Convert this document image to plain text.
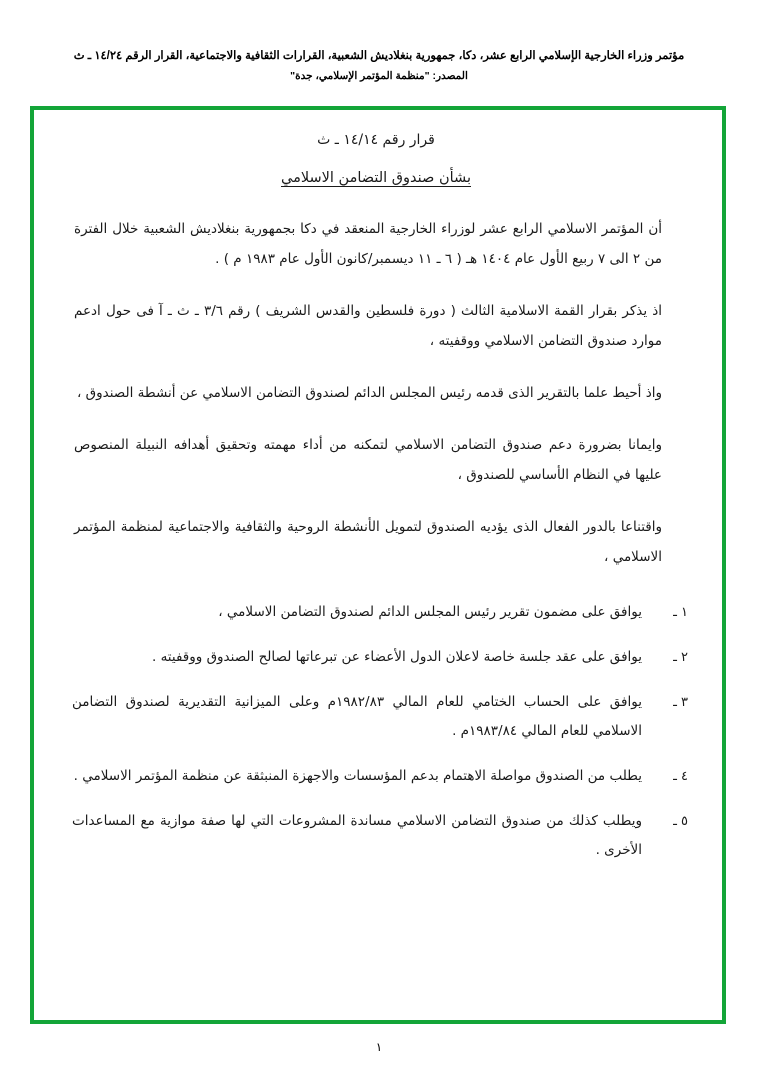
مؤتمر وزراء الخارجية الإسلامي الرابع عشر، دكا، جمهورية بنغلاديش الشعبية، القرارات الثقافية والاجتماعية، القرار الرقم ١٤/٢٤ ـ ث
المصدر: "منظمة المؤتمر الإسلامي، جدة"
قرار رقم ١٤/١٤ ـ ث
بشأن صندوق التضامن الاسلامي
أن المؤتمر الاسلامي الرابع عشر لوزراء الخارجية المنعقد في دكا بجمهورية بنغلاديش الشعبية خلال الفترة من ٢ الى ٧ ربيع الأول عام ١٤٠٤ هـ ( ٦ ـ ١١ ديسمبر/كانون الأول عام ١٩٨٣ م ) .
اذ يذكر بقرار القمة الاسلامية الثالث ( دورة فلسطين والقدس الشريف ) رقم ٣/٦ ـ ث ـ آ فى حول ادعم موارد صندوق التضامن الاسلامي ووقفيته ،
واذ أحيط علما بالتقرير الذى قدمه رئيس المجلس الدائم لصندوق التضامن الاسلامي عن أنشطة الصندوق ،
وايمانا بضرورة دعم صندوق التضامن الاسلامي لتمكنه من أداء مهمته وتحقيق أهدافه النبيلة المنصوص عليها في النظام الأساسي للصندوق ،
واقتناعا بالدور الفعال الذى يؤديه الصندوق لتمويل الأنشطة الروحية والثقافية والاجتماعية لمنظمة المؤتمر الاسلامي ،
١ ـ
يوافق على مضمون تقرير رئيس المجلس الدائم لصندوق التضامن الاسلامي ،
٢ ـ
يوافق على عقد جلسة خاصة لاعلان الدول الأعضاء عن تبرعاتها لصالح الصندوق ووقفيته .
٣ ـ
يوافق على الحساب الختامي للعام المالي ١٩٨٢/٨٣م وعلى الميزانية التقديرية لصندوق التضامن الاسلامي للعام المالي ١٩٨٣/٨٤م .
٤ ـ
يطلب من الصندوق مواصلة الاهتمام بدعم المؤسسات والاجهزة المنبثقة عن منظمة المؤتمر الاسلامي .
٥ ـ
ويطلب كذلك من صندوق التضامن الاسلامي مساندة المشروعات التي لها صفة موازية مع المساعدات الأخرى .
١
